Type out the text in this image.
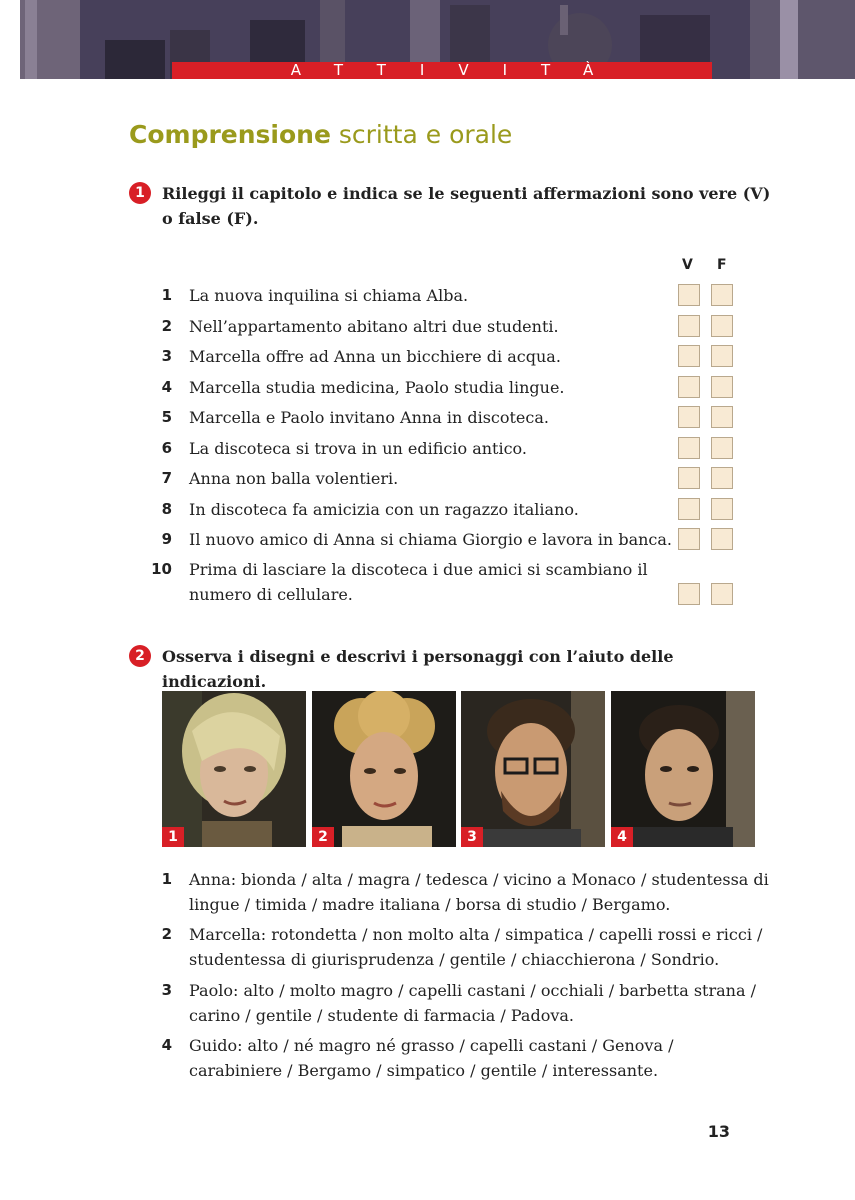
ATTIVITÀ
Comprensione scritta e orale
1	Rileggi il capitolo e indica se le seguenti affermazioni sono vere (V) o false (F).
V F
1 La nuova inquilina si chiama Alba.
2 Nell’appartamento abitano altri due studenti.
3 Marcella offre ad Anna un bicchiere di acqua.
4 Marcella studia medicina, Paolo studia lingue.
5 Marcella e Paolo invitano Anna in discoteca.
6 La discoteca si trova in un edificio antico.
7 Anna non balla volentieri.
8 In discoteca fa amicizia con un ragazzo italiano.
9 Il nuovo amico di Anna si chiama Giorgio e lavora in banca.
10 Prima di lasciare la discoteca i due amici si scambiano il numero di cellulare.
2	Osserva i disegni e descrivi i personaggi con l’aiuto delle indicazioni.
1	2	3	4
1 Anna: bionda / alta / magra / tedesca / vicino a Monaco / studentessa di lingue / timida / madre italiana / borsa di studio / Bergamo.
2 Marcella: rotondetta / non molto alta / simpatica / capelli rossi e ricci / studentessa di giurisprudenza / gentile / chiacchierona / Sondrio.
3 Paolo: alto / molto magro / capelli castani / occhiali / barbetta strana / carino / gentile / studente di farmacia / Padova.
4 Guido: alto / né magro né grasso / capelli castani / Genova / carabiniere / Bergamo / simpatico / gentile / interessante.
13
